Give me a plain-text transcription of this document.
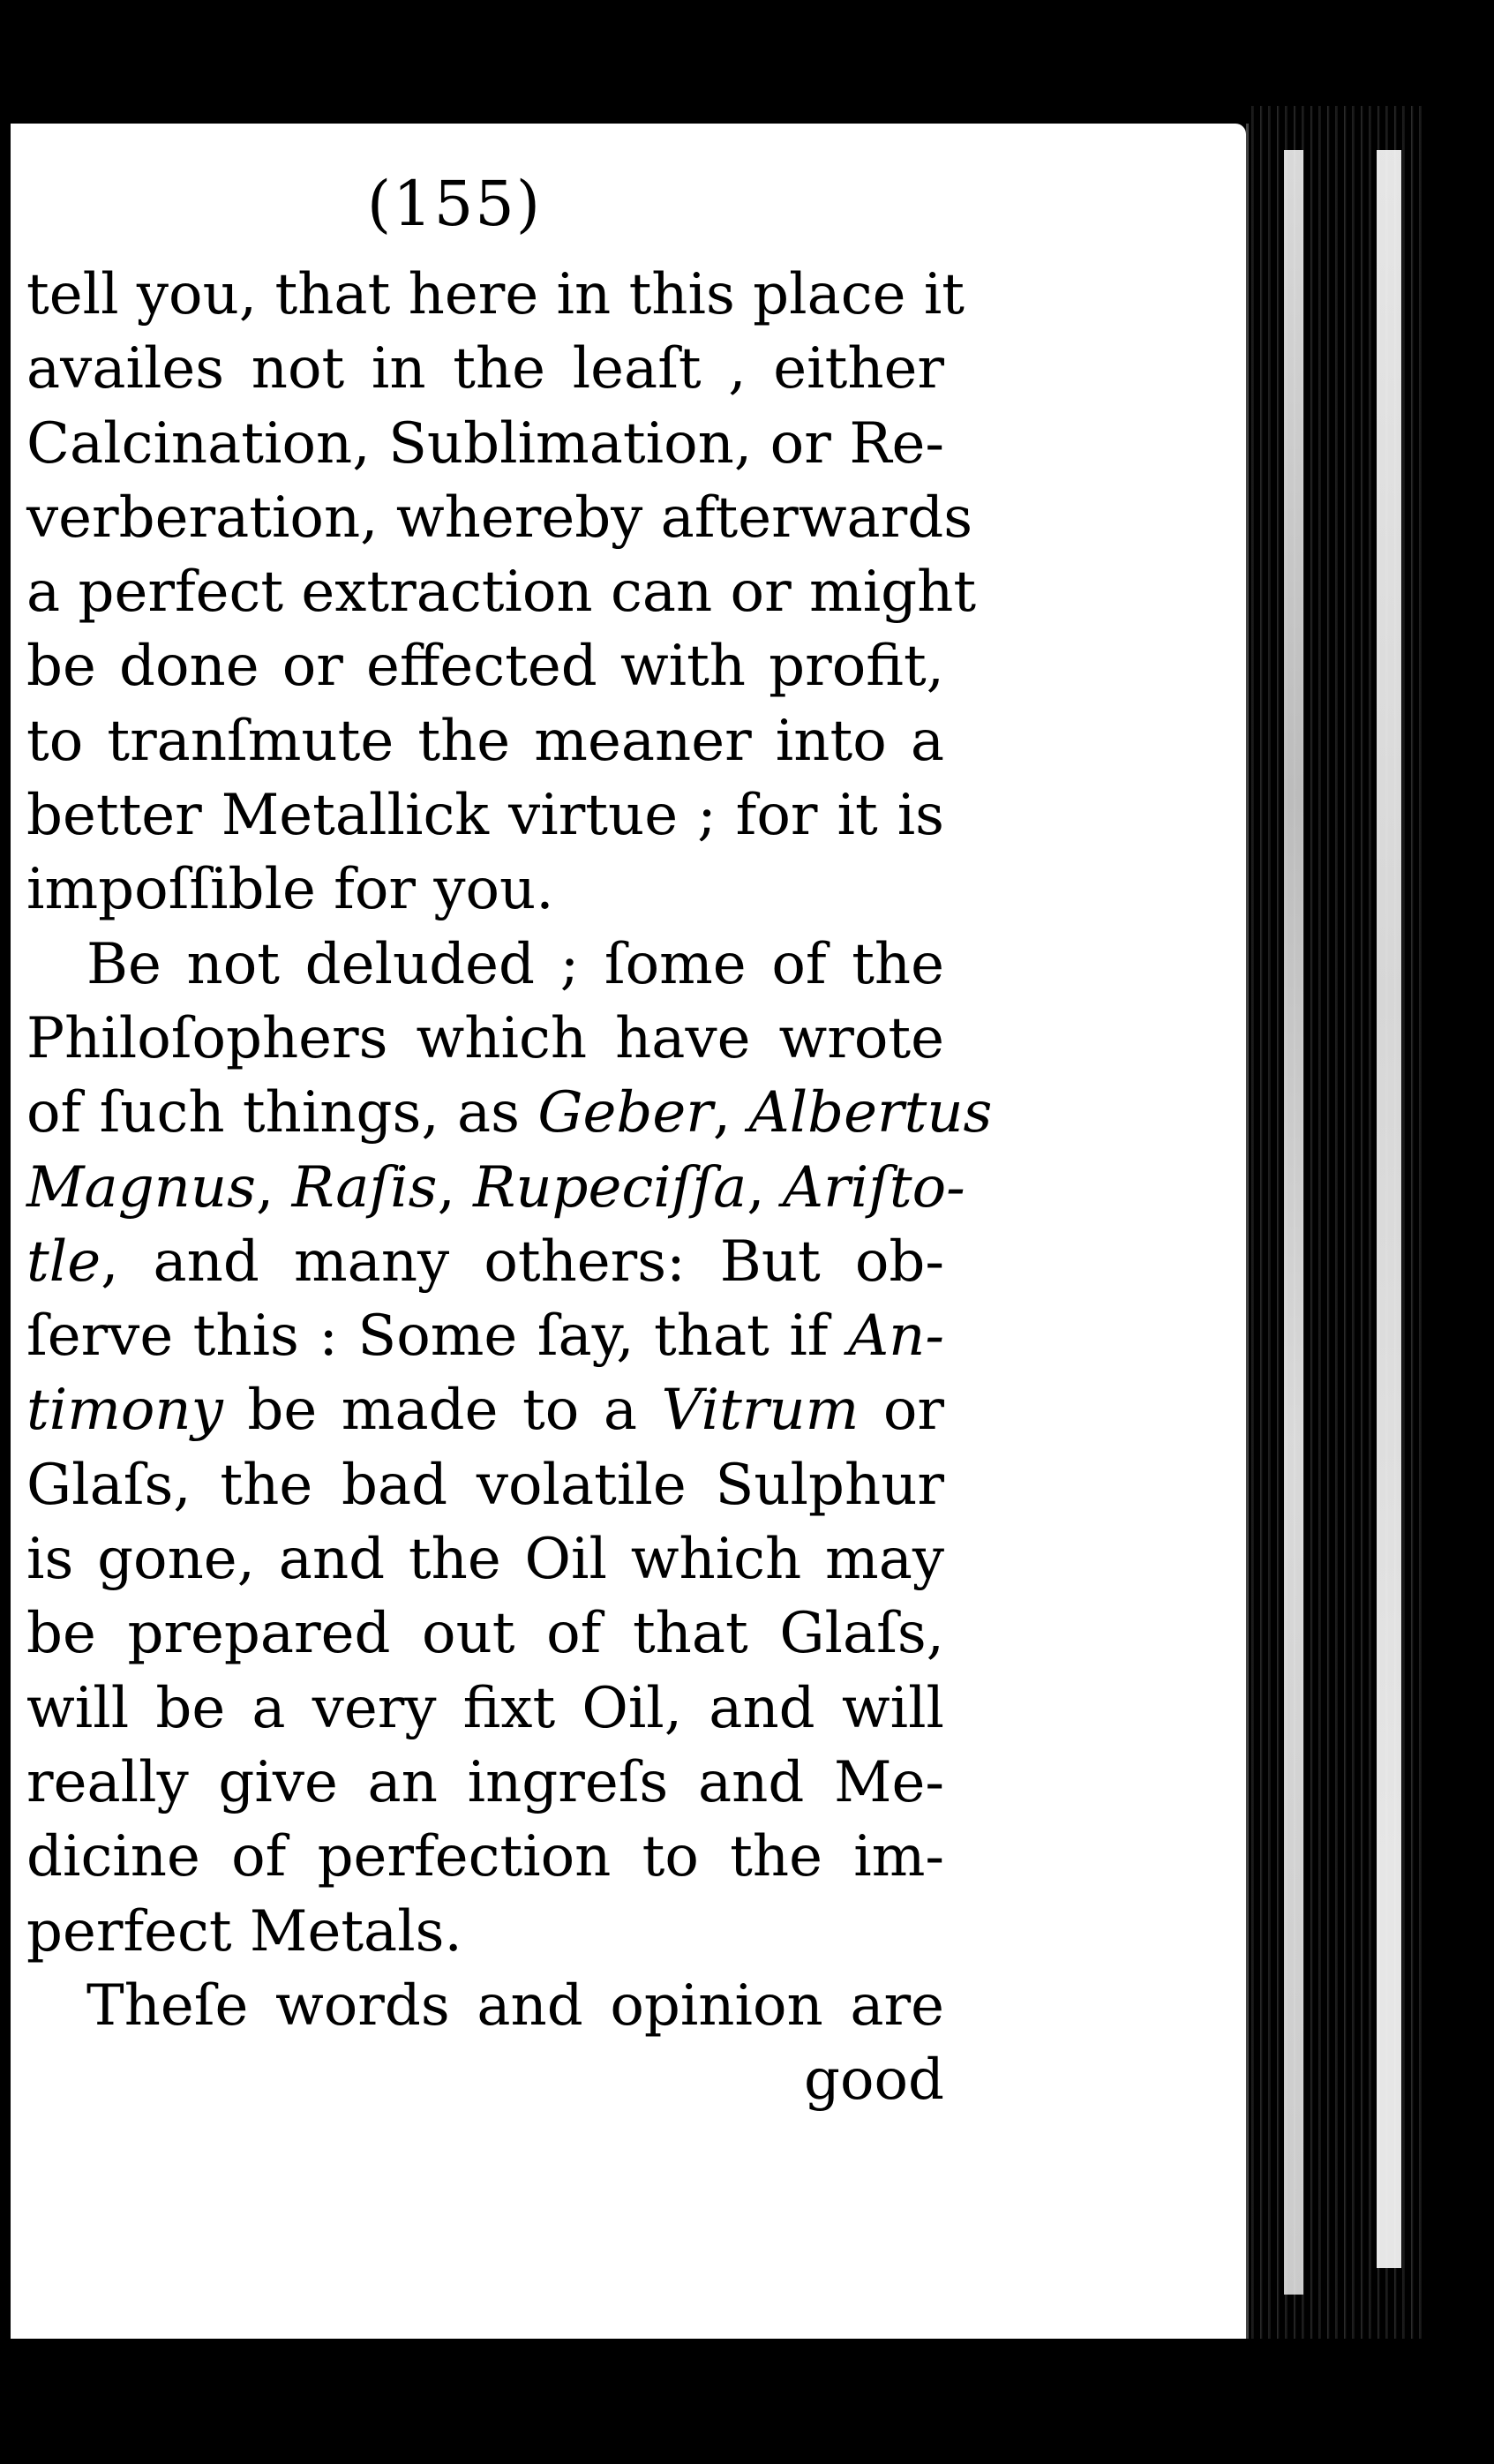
(155)
tell you, that here in this place it
availes not in the leaſt , either
Calcination, Sublimation, or Re-
verberation, whereby afterwards
a perfect extraction can or might
be done or effected with profit,
to tranſmute the meaner into a
better Metallick virtue ; for it is
impoſſible for you.
Be not deluded ; ſome of the
Philoſophers which have wrote
of ſuch things, as Geber, Albertus
Magnus, Raſis, Rupeciſſa, Ariſto-
tle, and many others: But ob-
ſerve this : Some ſay, that if An-
timony be made to a Vitrum or
Glaſs, the bad volatile Sulphur
is gone, and the Oil which may
be prepared out of that Glaſs,
will be a very fixt Oil, and will
really give an ingreſs and Me-
dicine of perfection to the im-
perfect Metals.
Theſe words and opinion are
good
